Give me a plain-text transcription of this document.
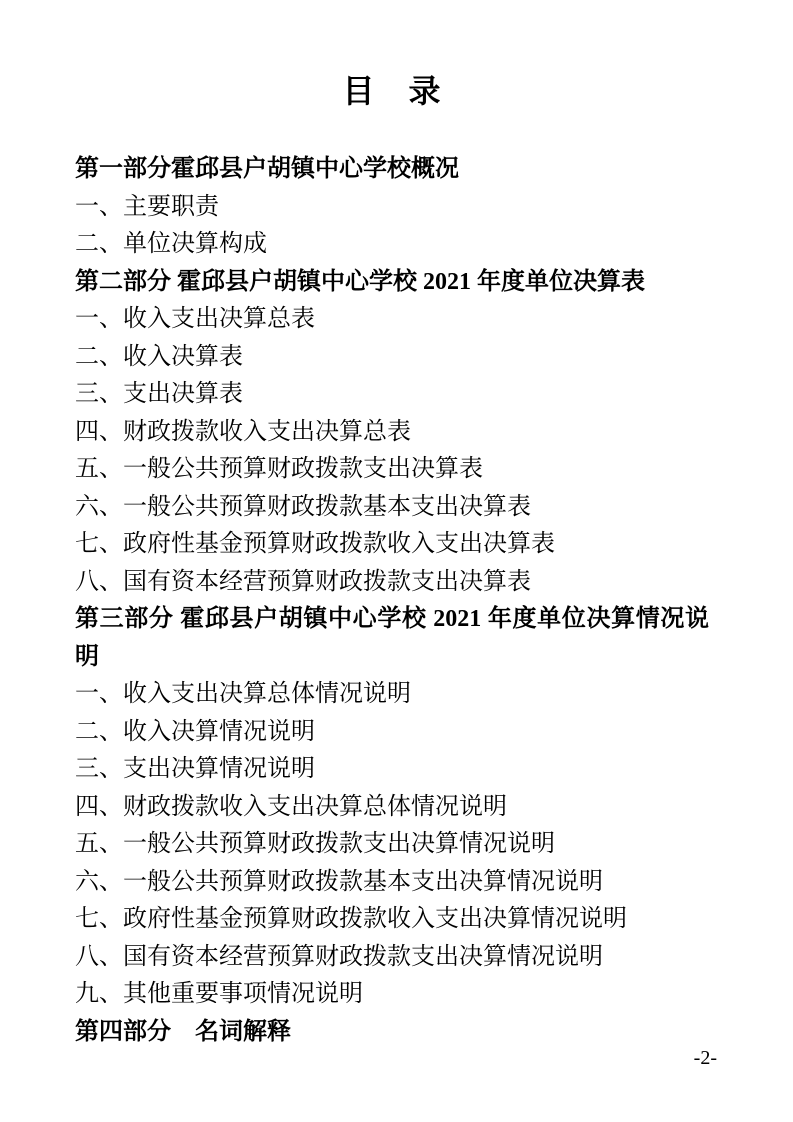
目　录

第一部分霍邱县户胡镇中心学校概况

一、主要职责

二、单位决算构成

第二部分 霍邱县户胡镇中心学校 2021 年度单位决算表

一、收入支出决算总表

二、收入决算表

三、支出决算表

四、财政拨款收入支出决算总表

五、一般公共预算财政拨款支出决算表

六、一般公共预算财政拨款基本支出决算表

七、政府性基金预算财政拨款收入支出决算表

八、国有资本经营预算财政拨款支出决算表

第三部分 霍邱县户胡镇中心学校 2021 年度单位决算情况说明

一、收入支出决算总体情况说明

二、收入决算情况说明

三、支出决算情况说明

四、财政拨款收入支出决算总体情况说明

五、一般公共预算财政拨款支出决算情况说明

六、一般公共预算财政拨款基本支出决算情况说明

七、政府性基金预算财政拨款收入支出决算情况说明

八、国有资本经营预算财政拨款支出决算情况说明

九、其他重要事项情况说明

第四部分　名词解释

-2-
